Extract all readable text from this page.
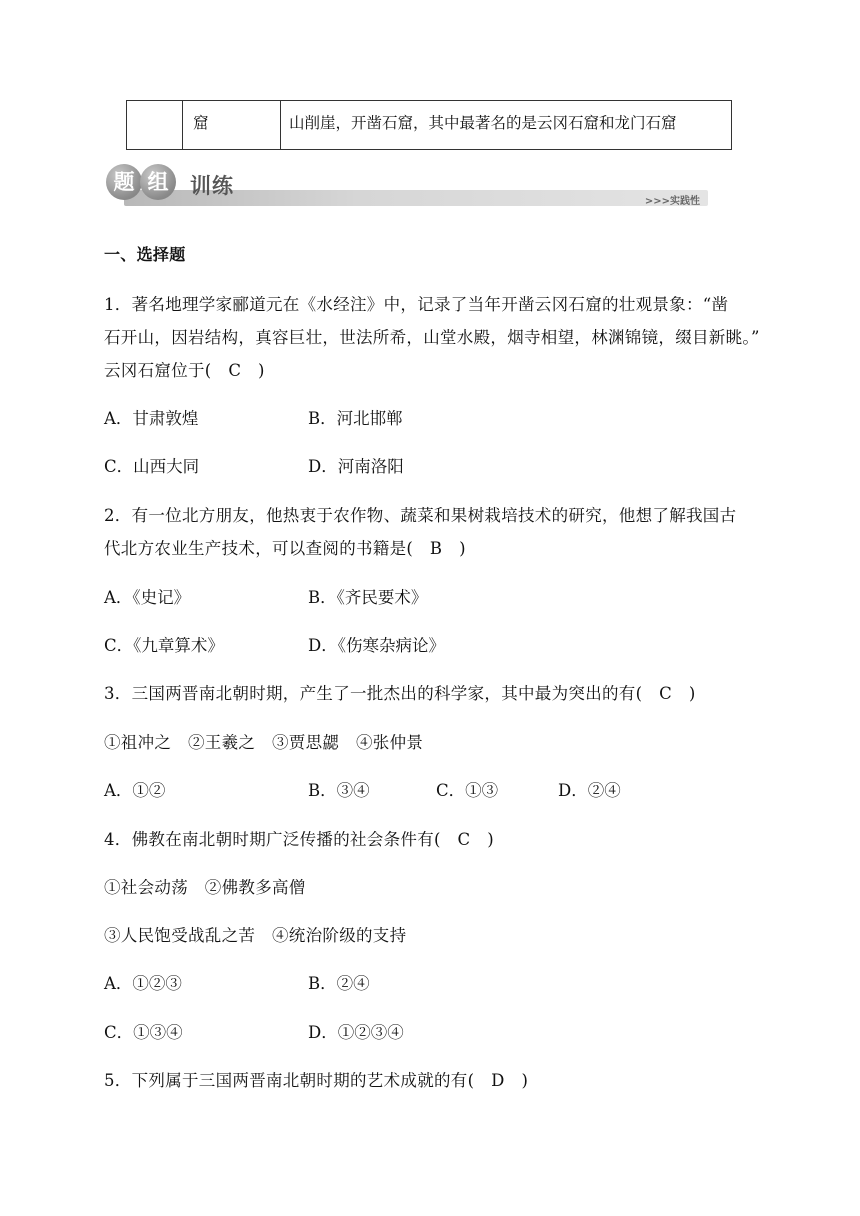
窟	山削崖，开凿石窟，其中最著名的是云冈石窟和龙门石窟
题 组	训练
>>>实践性
一、选择题
1．著名地理学家郦道元在《水经注》中，记录了当年开凿云冈石窟的壮观景象：“凿
石开山，因岩结构，真容巨壮，世法所希，山堂水殿，烟寺相望，林渊锦镜，缀目新眺。”
云冈石窟位于(　C　)
A．甘肃敦煌	B．河北邯郸
C．山西大同	D．河南洛阳
2．有一位北方朋友，他热衷于农作物、蔬菜和果树栽培技术的研究，他想了解我国古
代北方农业生产技术，可以查阅的书籍是(　B　)
A．《史记》	B．《齐民要术》
C．《九章算术》	D．《伤寒杂病论》
3．三国两晋南北朝时期，产生了一批杰出的科学家，其中最为突出的有(　C　)
①祖冲之　②王羲之　③贾思勰　④张仲景
A．①②	B．③④	C．①③	D．②④
4．佛教在南北朝时期广泛传播的社会条件有(　C　)
①社会动荡　②佛教多高僧
③人民饱受战乱之苦　④统治阶级的支持
A．①②③	B．②④
C．①③④	D．①②③④
5．下列属于三国两晋南北朝时期的艺术成就的有(　D　)
